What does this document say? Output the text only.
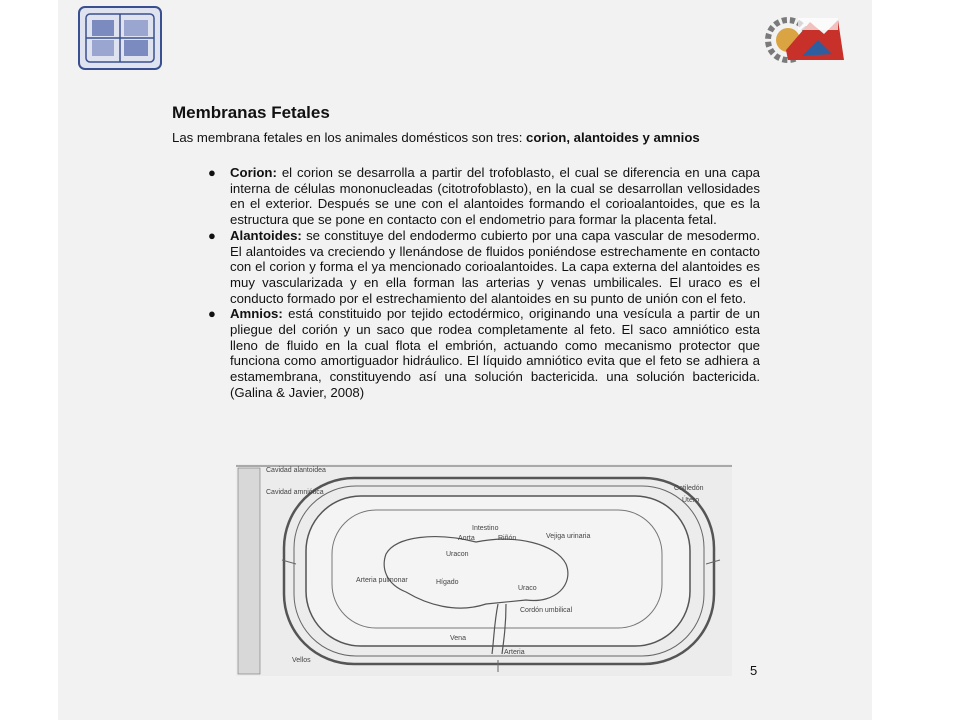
Membranas Fetales
Las membrana fetales en los animales domésticos son tres: corion, alantoides y amnios
● Corion: el corion se desarrolla a partir del trofoblasto, el cual se diferencia en una capa interna de células mononucleadas (citotrofoblasto), en la cual se desarrollan vellosidades en el exterior. Después se une con el alantoides formando el corioalantoides, que es la estructura que se pone en contacto con el endometrio para formar la placenta fetal.
● Alantoides: se constituye del endodermo cubierto por una capa vascular de mesodermo. El alantoides va creciendo y llenándose de fluidos poniéndose estrechamente en contacto con el corion y forma el ya mencionado corioalantoides. La capa externa del alantoides es muy vascularizada y en ella forman las arterias y venas umbilicales. El uraco es el conducto formado por el estrechamiento del alantoides en su punto de unión con el feto.
● Amnios: está constituido por tejido ectodérmico, originando una vesícula a partir de un pliegue del corión y un saco que rodea completamente al feto. El saco amniótico esta lleno de fluido en la cual flota el embrión, actuando como mecanismo protector que funciona como amortiguador hidráulico. El líquido amniótico evita que el feto se adhiera a estamembrana, constituyendo así una solución bactericida. una solución bactericida.(Galina & Javier, 2008)
Cavidad alantoidea
Cavidad amniótica
Cotiledón
Útero
Intestino
Aorta	Riñón	Vejiga urinaria
Uracon
Hígado
Arteria pulmonar
Uraco
Cordón umbilical
Vena
Arteria
Vellos
5
